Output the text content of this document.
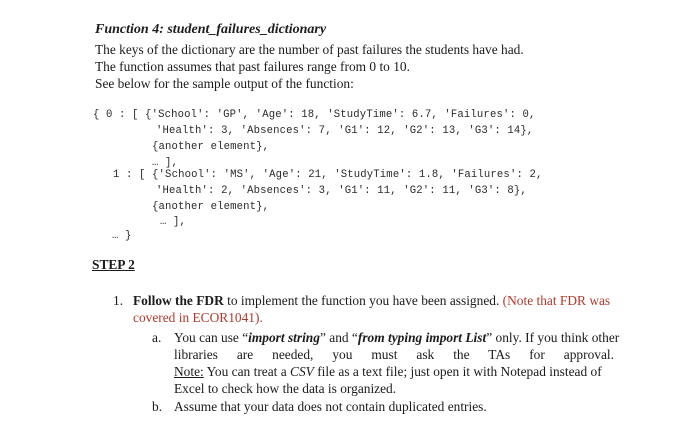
Function 4: student_failures_dictionary
The keys of the dictionary are the number of past failures the students have had.
The function assumes that past failures range from 0 to 10.
See below for the sample output of the function:
{ 0 : [ {'School': 'GP', 'Age': 18, 'StudyTime': 6.7, 'Failures': 0,
'Health': 3, 'Absences': 7, 'G1': 12, 'G2': 13, 'G3': 14},
{another element},
… ],
1 : [ {'School': 'MS', 'Age': 21, 'StudyTime': 1.8, 'Failures': 2,
'Health': 2, 'Absences': 3, 'G1': 11, 'G2': 11, 'G3': 8},
{another element},
… ],
… }
STEP 2
1. Follow the FDR to implement the function you have been assigned. (Note that FDR was
covered in ECOR1041).
a. You can use “import string” and “from typing import List” only. If you think other
libraries are needed, you must ask the TAs for approval.
Note: You can treat a CSV file as a text file; just open it with Notepad instead of
Excel to check how the data is organized.
b. Assume that your data does not contain duplicated entries.
